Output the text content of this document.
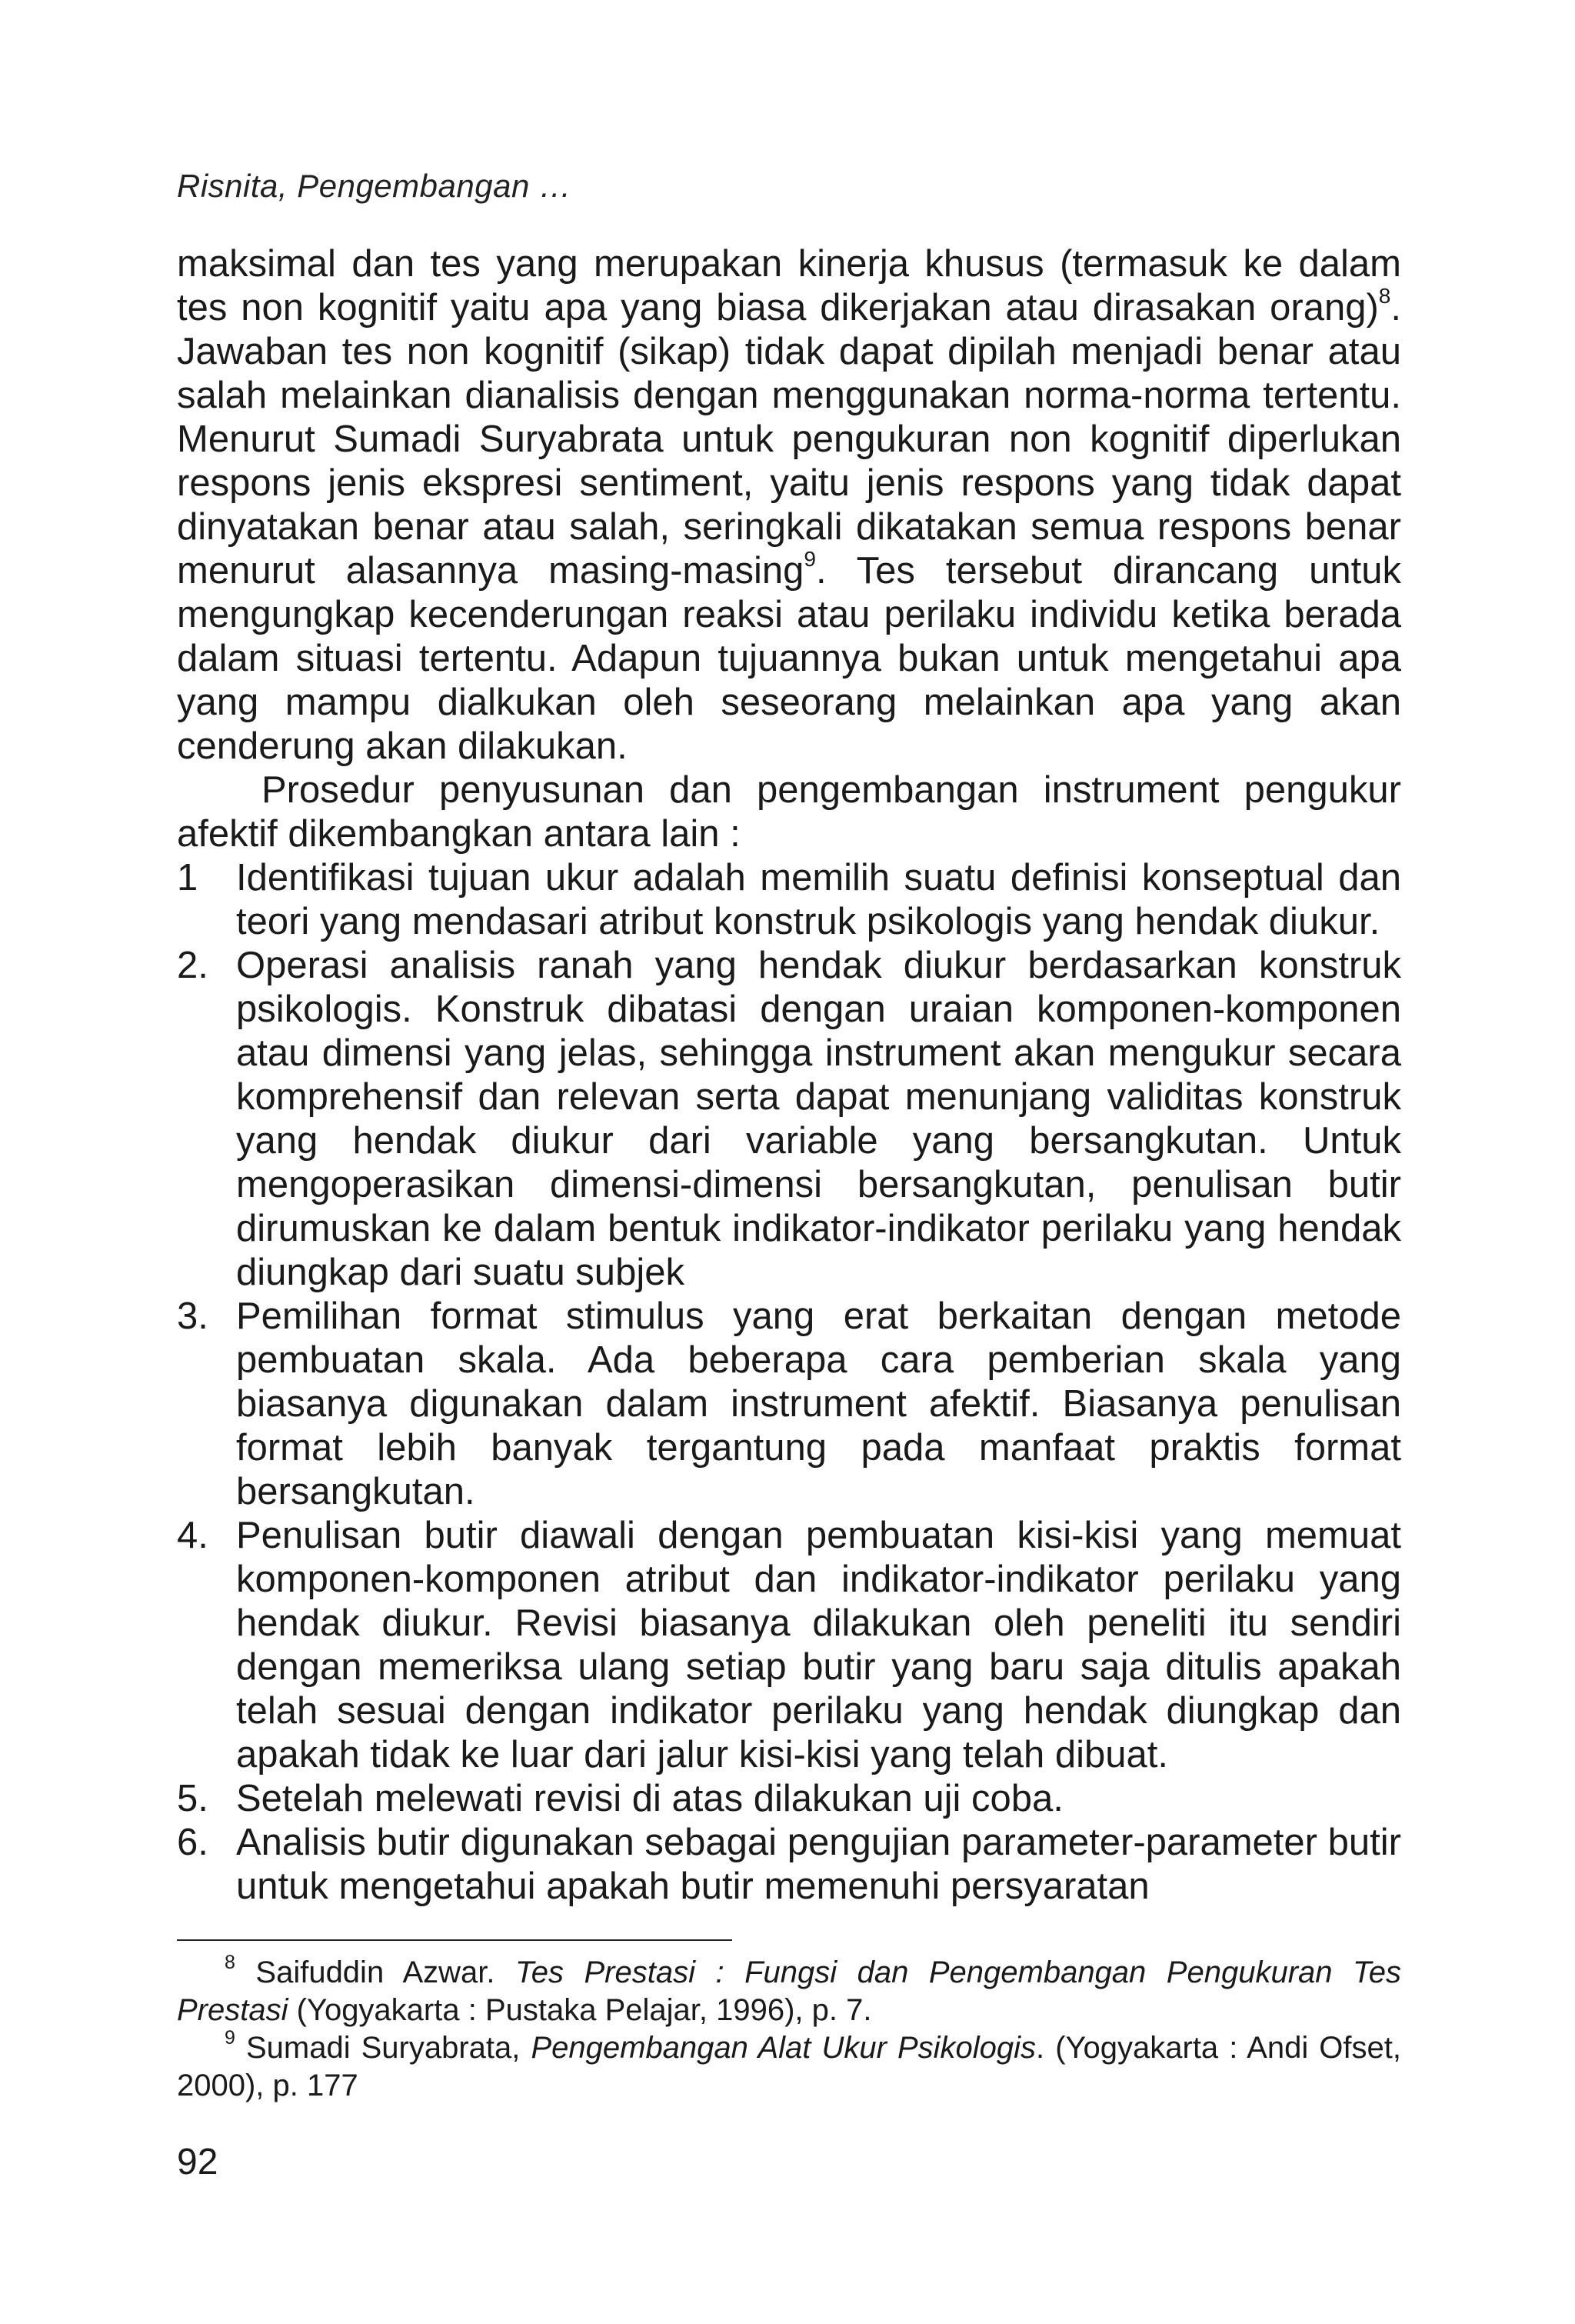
Risnita, Pengembangan …

maksimal dan tes yang merupakan kinerja khusus (termasuk ke dalam tes non kognitif yaitu apa yang biasa dikerjakan atau dirasakan orang)$^8$. Jawaban tes non kognitif (sikap) tidak dapat dipilah menjadi benar atau salah melainkan dianalisis dengan menggunakan norma-norma tertentu. Menurut Sumadi Suryabrata untuk pengukuran non kognitif diperlukan respons jenis ekspresi sentiment, yaitu jenis respons yang tidak dapat dinyatakan benar atau salah, seringkali dikatakan semua respons benar menurut alasannya masing-masing$^9$. Tes tersebut dirancang untuk mengungkap kecenderungan reaksi atau perilaku individu ketika berada dalam situasi tertentu. Adapun tujuannya bukan untuk mengetahui apa yang mampu dialkukan oleh seseorang melainkan apa yang akan cenderung akan dilakukan.

Prosedur penyusunan dan pengembangan instrument pengukur afektif dikembangkan antara lain :

1 Identifikasi tujuan ukur adalah memilih suatu definisi konseptual dan teori yang mendasari atribut konstruk psikologis yang hendak diukur.
2. Operasi analisis ranah yang hendak diukur berdasarkan konstruk psikologis. Konstruk dibatasi dengan uraian komponen-komponen atau dimensi yang jelas, sehingga instrument akan mengukur secara komprehensif dan relevan serta dapat menunjang validitas konstruk yang hendak diukur dari variable yang bersangkutan. Untuk mengoperasikan dimensi-dimensi bersangkutan, penulisan butir dirumuskan ke dalam bentuk indikator-indikator perilaku yang hendak diungkap dari suatu subjek
3. Pemilihan format stimulus yang erat berkaitan dengan metode pembuatan skala. Ada beberapa cara pemberian skala yang biasanya digunakan dalam instrument afektif. Biasanya penulisan format lebih banyak tergantung pada manfaat praktis format bersangkutan.
4. Penulisan butir diawali dengan pembuatan kisi-kisi yang memuat komponen-komponen atribut dan indikator-indikator perilaku yang hendak diukur. Revisi biasanya dilakukan oleh peneliti itu sendiri dengan memeriksa ulang setiap butir yang baru saja ditulis apakah telah sesuai dengan indikator perilaku yang hendak diungkap dan apakah tidak ke luar dari jalur kisi-kisi yang telah dibuat.
5. Setelah melewati revisi di atas dilakukan uji coba.
6. Analisis butir digunakan sebagai pengujian parameter-parameter butir untuk mengetahui apakah butir memenuhi persyaratan

$^8$ Saifuddin Azwar. Tes Prestasi : Fungsi dan Pengembangan Pengukuran Tes Prestasi (Yogyakarta : Pustaka Pelajar, 1996), p. 7.

$^9$ Sumadi Suryabrata, Pengembangan Alat Ukur Psikologis. (Yogyakarta : Andi Ofset, 2000), p. 177

92
